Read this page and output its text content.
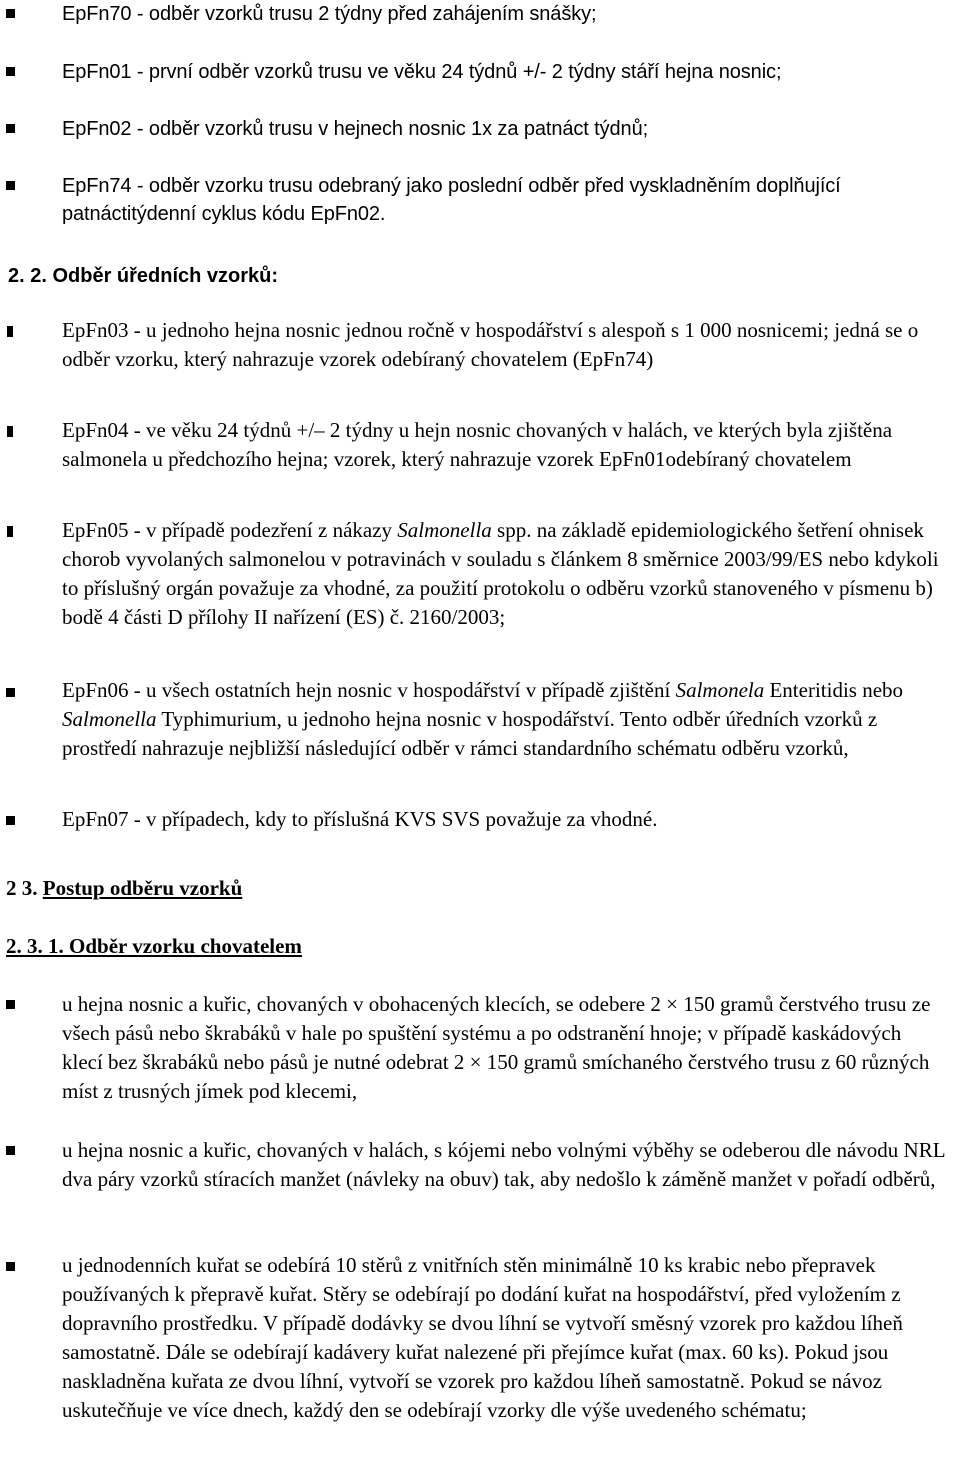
EpFn70 - odběr vzorků trusu 2 týdny před zahájením snášky;
EpFn01 - první odběr vzorků trusu ve věku 24 týdnů +/- 2 týdny stáří hejna nosnic;
EpFn02 - odběr vzorků trusu v hejnech nosnic 1x za patnáct týdnů;
EpFn74 - odběr vzorku trusu odebraný jako poslední odběr před vyskladněním doplňující patnáctitýdenní cyklus kódu EpFn02.
2. 2. Odběr úředních vzorků:
EpFn03 - u jednoho hejna nosnic jednou ročně v hospodářství s alespoň s 1 000 nosnicemi; jedná se o odběr vzorku, který nahrazuje vzorek odebíraný chovatelem (EpFn74)
EpFn04 - ve věku 24 týdnů +/– 2 týdny u hejn nosnic chovaných v halách, ve kterých byla zjištěna salmonela u předchozího hejna; vzorek, který nahrazuje vzorek EpFn01odebíraný chovatelem
EpFn05 - v případě podezření z nákazy Salmonella spp. na základě epidemiologického šetření ohnisek chorob vyvolaných salmonelou v potravinách v souladu s článkem 8 směrnice 2003/99/ES nebo kdykoli to příslušný orgán považuje za vhodné, za použití protokolu o odběru vzorků stanoveného v písmenu b) bodě 4 části D přílohy II nařízení (ES) č. 2160/2003;
EpFn06 - u všech ostatních hejn nosnic v hospodářství v případě zjištění Salmonela Enteritidis nebo Salmonella Typhimurium, u jednoho hejna nosnic v hospodářství. Tento odběr úředních vzorků z prostředí nahrazuje nejbližší následující odběr v rámci standardního schématu odběru vzorků,
EpFn07 - v případech, kdy to příslušná KVS SVS považuje za vhodné.
2 3. Postup odběru vzorků
2. 3. 1. Odběr vzorku chovatelem
u hejna nosnic a kuřic, chovaných v obohacených klecích, se odebere 2 × 150 gramů čerstvého trusu ze všech pásů nebo škrabáků v hale po spuštění systému a po odstranění hnoje; v případě kaskádových klecí bez škrabáků nebo pásů je nutné odebrat 2 × 150 gramů smíchaného čerstvého trusu z 60 různých míst z trusných jímek pod klecemi,
u hejna nosnic a kuřic, chovaných v halách, s kójemi nebo volnými výběhy se odeberou dle návodu NRL dva páry vzorků stíracích manžet (návleky na obuv) tak, aby nedošlo k záměně manžet v pořadí odběrů,
u jednodenních kuřat se odebírá 10 stěrů z vnitřních stěn minimálně 10 ks krabic nebo přepravek používaných k přepravě kuřat. Stěry se odebírají po dodání kuřat na hospodářství, před vyložením z dopravního prostředku. V případě dodávky se dvou líhní se vytvoří směsný vzorek pro každou líheň samostatně. Dále se odebírají kadávery kuřat nalezené při přejímce kuřat (max. 60 ks). Pokud jsou naskladněna kuřata ze dvou líhní, vytvoří se vzorek pro každou líheň samostatně. Pokud se návoz uskutečňuje ve více dnech, každý den se odebírají vzorky dle výše uvedeného schématu;
